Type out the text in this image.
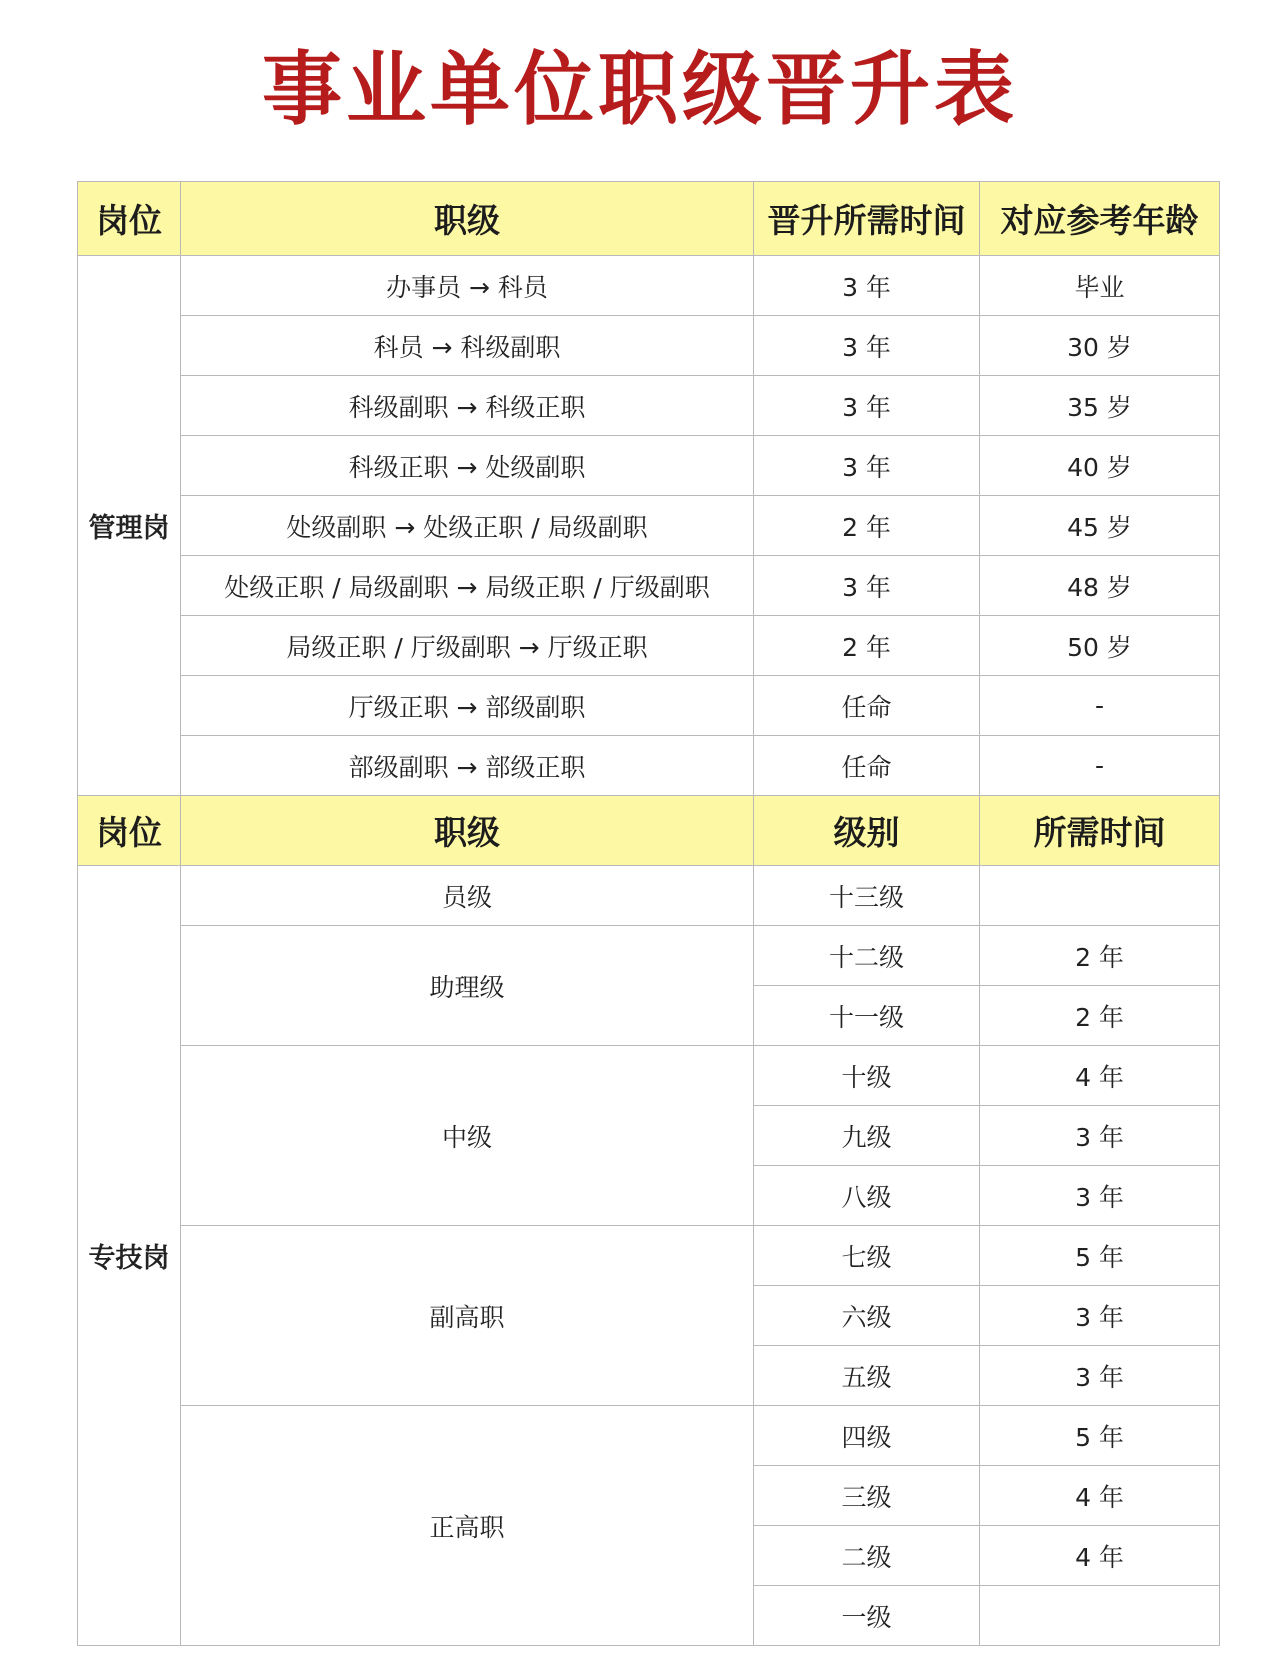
事业单位职级晋升表
岗位	职级	晋升所需时间	对应参考年龄
管理岗	办事员 → 科员	3 年	毕业
	科员 → 科级副职	3 年	30 岁
	科级副职 → 科级正职	3 年	35 岁
	科级正职 → 处级副职	3 年	40 岁
	处级副职 → 处级正职 / 局级副职	2 年	45 岁
	处级正职 / 局级副职 → 局级正职 / 厅级副职	3 年	48 岁
	局级正职 / 厅级副职 → 厅级正职	2 年	50 岁
	厅级正职 → 部级副职	任命	-
	部级副职 → 部级正职	任命	-
岗位	职级	级别	所需时间
专技岗	员级	十三级	
	助理级	十二级	2 年
		十一级	2 年
	中级	十级	4 年
		九级	3 年
		八级	3 年
	副高职	七级	5 年
		六级	3 年
		五级	3 年
	正高职	四级	5 年
		三级	4 年
		二级	4 年
		一级	
